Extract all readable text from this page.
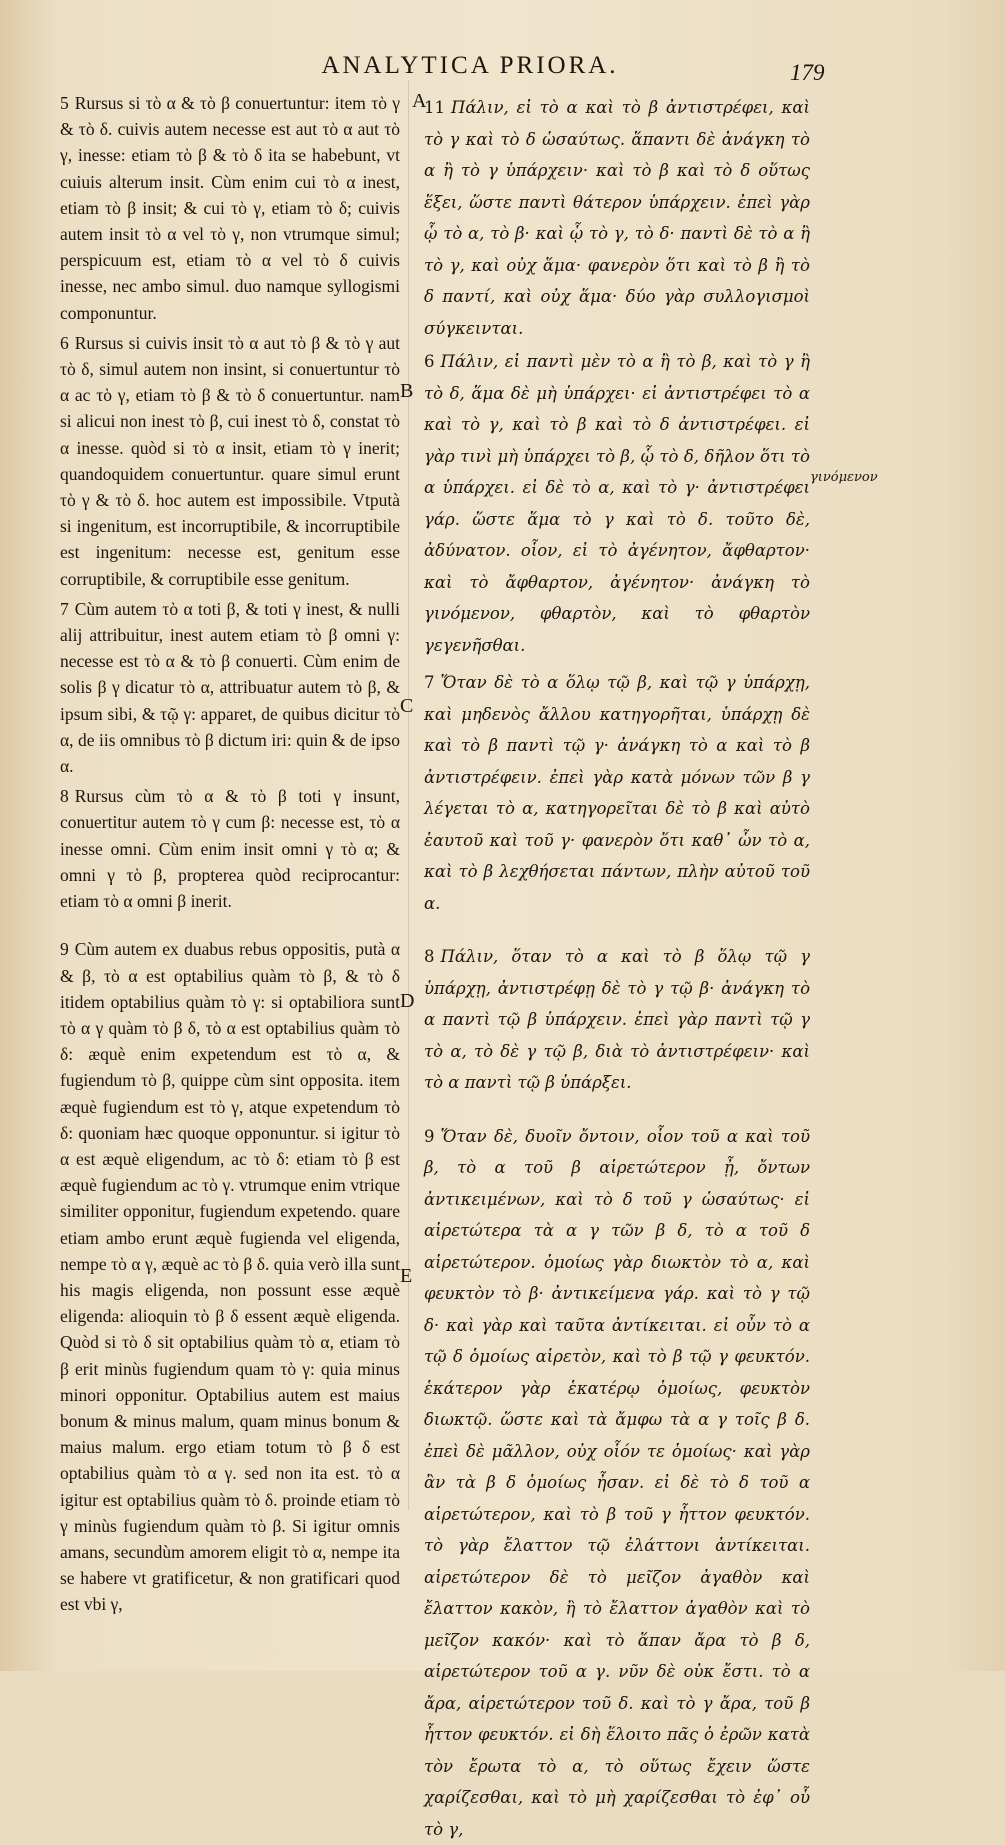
ANALYTICA PRIORA.	179

5 Rursus si τὸ α & τὸ β conuertuntur: item τὸ γ & τὸ δ. cuivis autem necesse est aut τὸ α aut τὸ γ, inesse: etiam τὸ β & τὸ δ ita se habebunt, vt cuiuis alterum insit. Cùm enim cui τὸ α inest, etiam τὸ β insit; & cui τὸ γ, etiam τὸ δ; cuivis autem insit τὸ α vel τὸ γ, non vtrumque simul; perspicuum est, etiam τὸ α vel τὸ δ cuivis inesse, nec ambo simul. duo namque syllogismi componuntur.

6 Rursus si cuivis insit τὸ α aut τὸ β & τὸ γ aut τὸ δ, simul autem non insint, si conuertuntur τὸ α ac τὸ γ, etiam τὸ β & τὸ δ conuertuntur. nam si alicui non inest τὸ β, cui inest τὸ δ, constat τὸ α inesse. quòd si τὸ α insit, etiam τὸ γ inerit; quandoquidem conuertuntur. quare simul erunt τὸ γ & τὸ δ. hoc autem est impossibile. Vtputà si ingenitum, est incorruptibile, & incorruptibile est ingenitum: necesse est, genitum esse corruptibile, & corruptibile esse genitum.

7 Cùm autem τὸ α toti β, & toti γ inest, & nulli alij attribuitur, inest autem etiam τὸ β omni γ: necesse est τὸ α & τὸ β conuerti. Cùm enim de solis β γ dicatur τὸ α, attribuatur autem τὸ β, & ipsum sibi, & τῷ γ: apparet, de quibus dicitur τὸ α, de iis omnibus τὸ β dictum iri: quin & de ipso α.

8 Rursus cùm τὸ α & τὸ β toti γ insunt, conuertitur autem τὸ γ cum β: necesse est, τὸ α inesse omni. Cùm enim insit omni γ τὸ α; & omni γ τὸ β, propterea quòd reciprocantur: etiam τὸ α omni β inerit.

9 Cùm autem ex duabus rebus oppositis, putà α & β, τὸ α est optabilius quàm τὸ β, & τὸ δ itidem optabilius quàm τὸ γ: si optabiliora sunt τὸ α γ quàm τὸ β δ, τὸ α est optabilius quàm τὸ δ: æquè enim expetendum est τὸ α, & fugiendum τὸ β, quippe cùm sint opposita. item æquè fugiendum est τὸ γ, atque expetendum τὸ δ: quoniam hæc quoque opponuntur. si igitur τὸ α est æquè eligendum, ac τὸ δ: etiam τὸ β est æquè fugiendum ac τὸ γ. vtrumque enim vtrique similiter opponitur, fugiendum expetendo. quare etiam ambo erunt æquè fugienda vel eligenda, nempe τὸ α γ, æquè ac τὸ β δ. quia verò illa sunt his magis eligenda, non possunt esse æquè eligenda: alioquin τὸ β δ essent æquè eligenda. Quòd si τὸ δ sit optabilius quàm τὸ α, etiam τὸ β erit minùs fugiendum quam τὸ γ: quia minus minori opponitur. Optabilius autem est maius bonum & minus malum, quam minus bonum & maius malum. ergo etiam totum τὸ β δ est optabilius quàm τὸ α γ. sed non ita est. τὸ α igitur est optabilius quàm τὸ δ. proinde etiam τὸ γ minùs fugiendum quàm τὸ β. Si igitur omnis amans, secundùm amorem eligit τὸ α, nempe ita se habere vt gratificetur, & non gratificari quod est vbi γ,

A
B
C
D
E
γινόμενον

11 Πάλιν, εἰ τὸ α καὶ τὸ β ἀντιστρέφει, καὶ τὸ γ καὶ τὸ δ ὡσαύτως. ἅπαντι δὲ ἀνάγκη τὸ α ἢ τὸ γ ὑπάρχειν· καὶ τὸ β καὶ τὸ δ οὕτως ἕξει, ὥστε παντὶ θάτερον ὑπάρχειν. ἐπεὶ γὰρ ᾧ τὸ α, τὸ β· καὶ ᾧ τὸ γ, τὸ δ· παντὶ δὲ τὸ α ἢ τὸ γ, καὶ οὐχ ἅμα· φανερὸν ὅτι καὶ τὸ β ἢ τὸ δ παντί, καὶ οὐχ ἅμα· δύο γὰρ συλλογισμοὶ σύγκεινται.

6 Πάλιν, εἰ παντὶ μὲν τὸ α ἢ τὸ β, καὶ τὸ γ ἢ τὸ δ, ἅμα δὲ μὴ ὑπάρχει· εἰ ἀντιστρέφει τὸ α καὶ τὸ γ, καὶ τὸ β καὶ τὸ δ ἀντιστρέφει. εἰ γὰρ τινὶ μὴ ὑπάρχει τὸ β, ᾧ τὸ δ, δῆλον ὅτι τὸ α ὑπάρχει. εἰ δὲ τὸ α, καὶ τὸ γ· ἀντιστρέφει γάρ. ὥστε ἅμα τὸ γ καὶ τὸ δ. τοῦτο δὲ, ἀδύνατον. οἷον, εἰ τὸ ἀγένητον, ἄφθαρτον· καὶ τὸ ἄφθαρτον, ἀγένητον· ἀνάγκη τὸ γινόμενον, φθαρτὸν, καὶ τὸ φθαρτὸν γεγενῆσθαι.

7 Ὅταν δὲ τὸ α ὅλῳ τῷ β, καὶ τῷ γ ὑπάρχῃ, καὶ μηδενὸς ἄλλου κατηγορῆται, ὑπάρχῃ δὲ καὶ τὸ β παντὶ τῷ γ· ἀνάγκη τὸ α καὶ τὸ β ἀντιστρέφειν. ἐπεὶ γὰρ κατὰ μόνων τῶν β γ λέγεται τὸ α, κατηγορεῖται δὲ τὸ β καὶ αὐτὸ ἑαυτοῦ καὶ τοῦ γ· φανερὸν ὅτι καθ᾽ ὧν τὸ α, καὶ τὸ β λεχθήσεται πάντων, πλὴν αὐτοῦ τοῦ α.

8 Πάλιν, ὅταν τὸ α καὶ τὸ β ὅλῳ τῷ γ ὑπάρχῃ, ἀντιστρέφῃ δὲ τὸ γ τῷ β· ἀνάγκη τὸ α παντὶ τῷ β ὑπάρχειν. ἐπεὶ γὰρ παντὶ τῷ γ τὸ α, τὸ δὲ γ τῷ β, διὰ τὸ ἀντιστρέφειν· καὶ τὸ α παντὶ τῷ β ὑπάρξει.

9 Ὅταν δὲ, δυοῖν ὄντοιν, οἷον τοῦ α καὶ τοῦ β, τὸ α τοῦ β αἱρετώτερον ᾖ, ὄντων ἀντικειμένων, καὶ τὸ δ τοῦ γ ὡσαύτως· εἰ αἱρετώτερα τὰ α γ τῶν β δ, τὸ α τοῦ δ αἱρετώτερον. ὁμοίως γὰρ διωκτὸν τὸ α, καὶ φευκτὸν τὸ β· ἀντικείμενα γάρ. καὶ τὸ γ τῷ δ· καὶ γὰρ καὶ ταῦτα ἀντίκειται. εἰ οὖν τὸ α τῷ δ ὁμοίως αἱρετὸν, καὶ τὸ β τῷ γ φευκτόν. ἑκάτερον γὰρ ἑκατέρῳ ὁμοίως, φευκτὸν διωκτῷ. ὥστε καὶ τὰ ἄμφω τὰ α γ τοῖς β δ. ἐπεὶ δὲ μᾶλλον, οὐχ οἷόν τε ὁμοίως· καὶ γὰρ ἂν τὰ β δ ὁμοίως ἦσαν. εἰ δὲ τὸ δ τοῦ α αἱρετώτερον, καὶ τὸ β τοῦ γ ἧττον φευκτόν. τὸ γὰρ ἔλαττον τῷ ἐλάττονι ἀντίκειται. αἱρετώτερον δὲ τὸ μεῖζον ἀγαθὸν καὶ ἔλαττον κακὸν, ἢ τὸ ἔλαττον ἀγαθὸν καὶ τὸ μεῖζον κακόν· καὶ τὸ ἅπαν ἄρα τὸ β δ, αἱρετώτερον τοῦ α γ. νῦν δὲ οὐκ ἔστι. τὸ α ἄρα, αἱρετώτερον τοῦ δ. καὶ τὸ γ ἄρα, τοῦ β ἧττον φευκτόν. εἰ δὴ ἕλοιτο πᾶς ὁ ἐρῶν κατὰ τὸν ἔρωτα τὸ α, τὸ οὕτως ἔχειν ὥστε χαρίζεσθαι, καὶ τὸ μὴ χαρίζεσθαι τὸ ἐφ᾽ οὗ τὸ γ,
